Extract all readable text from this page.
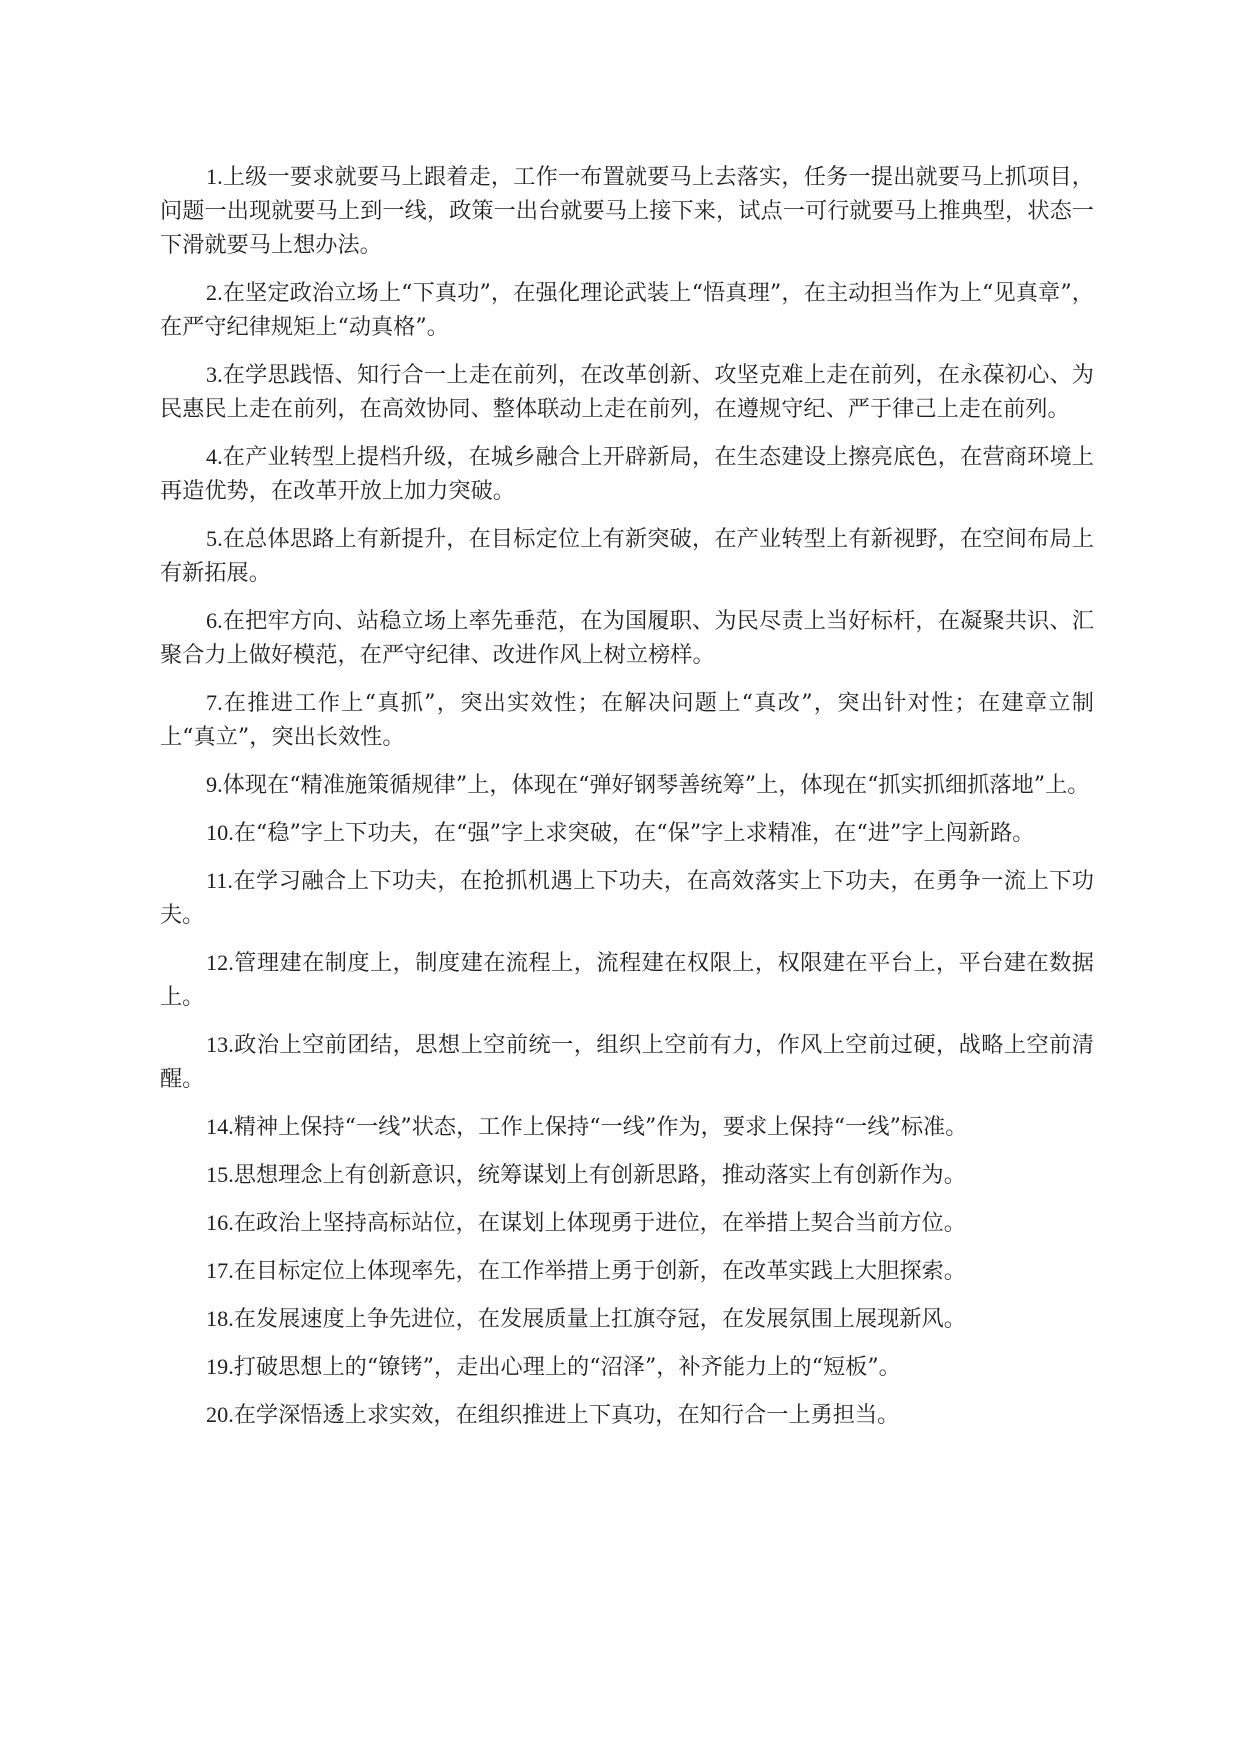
1.上级一要求就要马上跟着走，工作一布置就要马上去落实，任务一提出就要马上抓项目，问题一出现就要马上到一线，政策一出台就要马上接下来，试点一可行就要马上推典型，状态一下滑就要马上想办法。

2.在坚定政治立场上“下真功”，在强化理论武装上“悟真理”，在主动担当作为上“见真章”，在严守纪律规矩上“动真格”。

3.在学思践悟、知行合一上走在前列，在改革创新、攻坚克难上走在前列，在永葆初心、为民惠民上走在前列，在高效协同、整体联动上走在前列，在遵规守纪、严于律己上走在前列。

4.在产业转型上提档升级，在城乡融合上开辟新局，在生态建设上擦亮底色，在营商环境上再造优势，在改革开放上加力突破。

5.在总体思路上有新提升，在目标定位上有新突破，在产业转型上有新视野，在空间布局上有新拓展。

6.在把牢方向、站稳立场上率先垂范，在为国履职、为民尽责上当好标杆，在凝聚共识、汇聚合力上做好模范，在严守纪律、改进作风上树立榜样。

7.在推进工作上“真抓”，突出实效性；在解决问题上“真改”，突出针对性；在建章立制上“真立”，突出长效性。

9.体现在“精准施策循规律”上，体现在“弹好钢琴善统筹”上，体现在“抓实抓细抓落地”上。

10.在“稳”字上下功夫，在“强”字上求突破，在“保”字上求精准，在“进”字上闯新路。

11.在学习融合上下功夫，在抢抓机遇上下功夫，在高效落实上下功夫，在勇争一流上下功夫。

12.管理建在制度上，制度建在流程上，流程建在权限上，权限建在平台上，平台建在数据上。

13.政治上空前团结，思想上空前统一，组织上空前有力，作风上空前过硬，战略上空前清醒。

14.精神上保持“一线”状态，工作上保持“一线”作为，要求上保持“一线”标准。

15.思想理念上有创新意识，统筹谋划上有创新思路，推动落实上有创新作为。

16.在政治上坚持高标站位，在谋划上体现勇于进位，在举措上契合当前方位。

17.在目标定位上体现率先，在工作举措上勇于创新，在改革实践上大胆探索。

18.在发展速度上争先进位，在发展质量上扛旗夺冠，在发展氛围上展现新风。

19.打破思想上的“镣铐”，走出心理上的“沼泽”，补齐能力上的“短板”。

20.在学深悟透上求实效，在组织推进上下真功，在知行合一上勇担当。
